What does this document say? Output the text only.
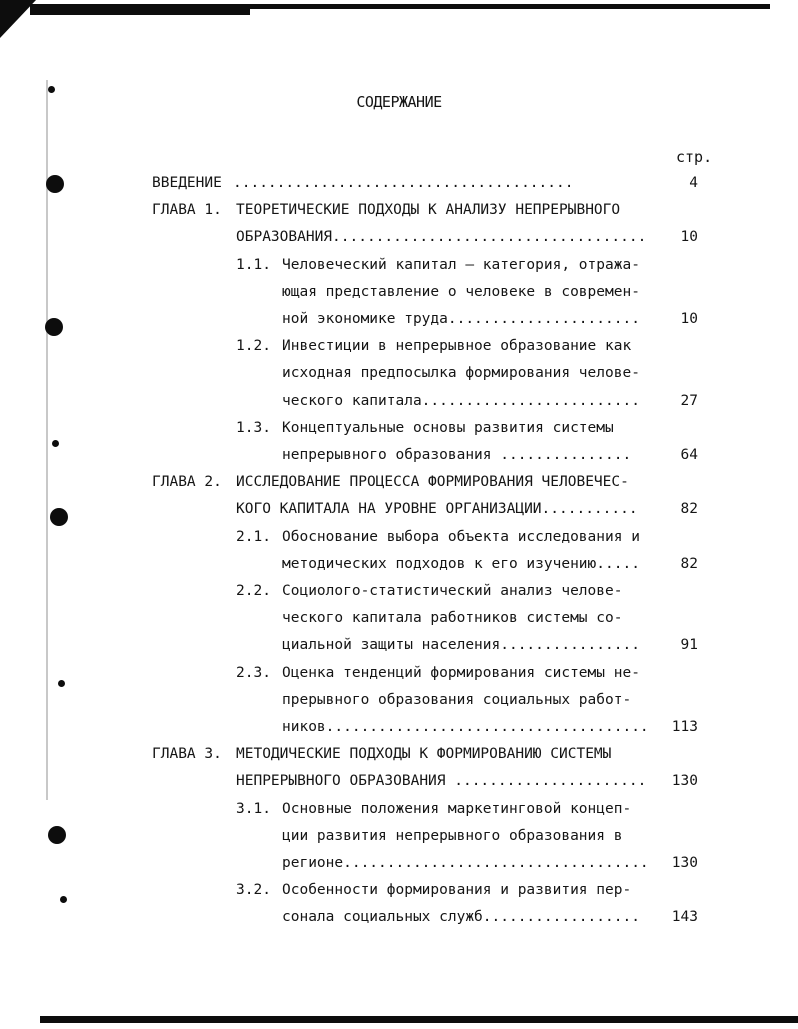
СОДЕРЖАНИЕ
стр.
ВВЕДЕНИЕ .......................................	4
ГЛАВА 1. ТЕОРЕТИЧЕСКИЕ ПОДХОДЫ К АНАЛИЗУ НЕПРЕРЫВНОГО
ОБРАЗОВАНИЯ....................................	10
1.1. Человеческий капитал – категория, отража-
ющая представление о человеке в современ-
ной экономике труда......................	10
1.2. Инвестиции в непрерывное образование как
исходная предпосылка формирования челове-
ческого капитала.........................	27
1.3. Концептуальные основы развития системы
непрерывного образования ...............	64
ГЛАВА 2. ИССЛЕДОВАНИЕ ПРОЦЕССА ФОРМИРОВАНИЯ ЧЕЛОВЕЧЕС-
КОГО КАПИТАЛА НА УРОВНЕ ОРГАНИЗАЦИИ...........	82
2.1. Обоснование выбора объекта исследования и
методических подходов к его изучению.....	82
2.2. Социолого-статистический анализ челове-
ческого капитала работников системы со-
циальной защиты населения................	91
2.3. Оценка тенденций формирования системы не-
прерывного образования социальных работ-
ников.....................................	113
ГЛАВА 3. МЕТОДИЧЕСКИЕ ПОДХОДЫ К ФОРМИРОВАНИЮ СИСТЕМЫ
НЕПРЕРЫВНОГО ОБРАЗОВАНИЯ ......................	130
3.1. Основные положения маркетинговой концеп-
ции развития непрерывного образования в
регионе...................................	130
3.2. Особенности формирования и развития пер-
сонала социальных служб..................	143
